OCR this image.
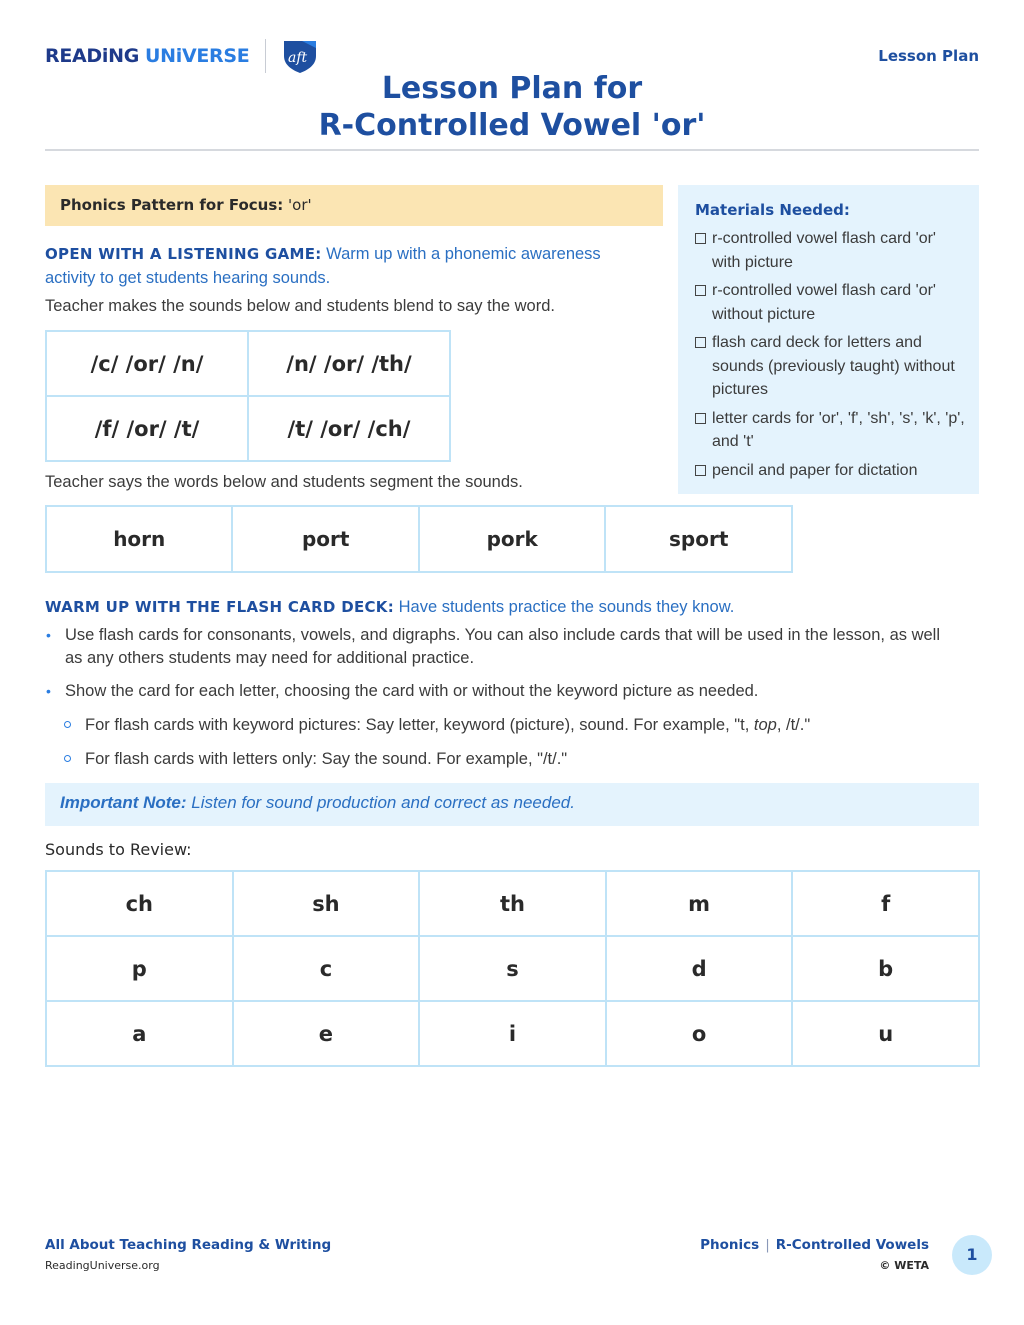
READiNG UNiVERSE	aft	Lesson Plan
Lesson Plan for
R-Controlled Vowel 'or'
Phonics Pattern for Focus: 'or'
OPEN WITH A LISTENING GAME: Warm up with a phonemic awareness activity to get students hearing sounds.
Teacher makes the sounds below and students blend to say the word.
/c/ /or/ /n/	/n/ /or/ /th/
/f/ /or/ /t/	/t/ /or/ /ch/
Teacher says the words below and students segment the sounds.
horn	port	pork	sport
Materials Needed:
r-controlled vowel flash card 'or' with picture
r-controlled vowel flash card 'or' without picture
flash card deck for letters and sounds (previously taught) without pictures
letter cards for 'or', 'f', 'sh', 's', 'k', 'p', and 't'
pencil and paper for dictation
WARM UP WITH THE FLASH CARD DECK: Have students practice the sounds they know.
• Use flash cards for consonants, vowels, and digraphs. You can also include cards that will be used in the lesson, as well as any others students may need for additional practice.
• Show the card for each letter, choosing the card with or without the keyword picture as needed.
For flash cards with keyword pictures: Say letter, keyword (picture), sound. For example, "t, top, /t/."
For flash cards with letters only: Say the sound. For example, "/t/."
Important Note: Listen for sound production and correct as needed.
Sounds to Review:
ch	sh	th	m	f
p	c	s	d	b
a	e	i	o	u
All About Teaching Reading & Writing
ReadingUniverse.org
Phonics | R-Controlled Vowels
© WETA
1
